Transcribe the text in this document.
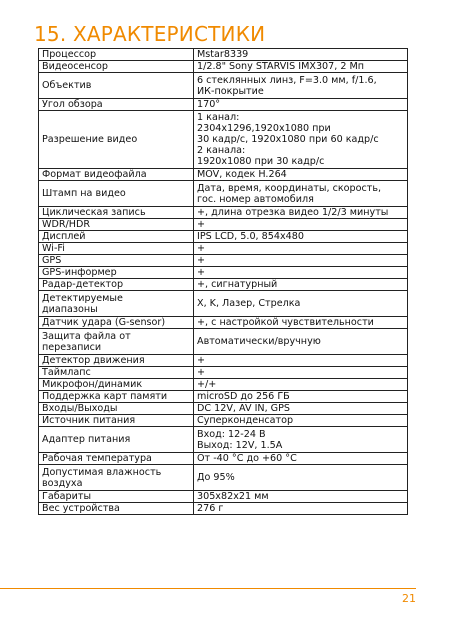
15. ХАРАКТЕРИСТИКИ
Процессор	Mstar8339
Видеосенсор	1/2.8" Sony STARVIS IMX307, 2 Мп
Объектив	6 стеклянных линз, F=3.0 мм, f/1.6,
ИК-покрытие
Угол обзора	170°
Разрешение видео	1 канал:
2304x1296,1920x1080 при
30 кадр/с, 1920x1080 при 60 кадр/с
2 канала:
1920x1080 при 30 кадр/с
Формат видеофайла	MOV, кодек H.264
Штамп на видео	Дата, время, координаты, скорость,
гос. номер автомобиля
Циклическая запись	+, длина отрезка видео 1/2/3 минуты
WDR/HDR	+
Дисплей	IPS LCD, 5.0, 854x480
Wi-Fi	+
GPS	+
GPS-информер	+
Радар-детектор	+, сигнатурный
Детектируемые
диапазоны	X, K, Лазер, Стрелка
Датчик удара (G-sensor)	+, с настройкой чувствительности
Защита файла от
перезаписи	Автоматически/вручную
Детектор движения	+
Таймлапс	+
Микрофон/динамик	+/+
Поддержка карт памяти	microSD до 256 ГБ
Входы/Выходы	DC 12V, AV IN, GPS
Источник питания	Суперконденсатор
Адаптер питания	Вход: 12-24 В
Выход: 12V, 1.5A
Рабочая температура	От -40 °С до +60 °С
Допустимая влажность
воздуха	До 95%
Габариты	305x82x21 мм
Вес устройства	276 г
21
